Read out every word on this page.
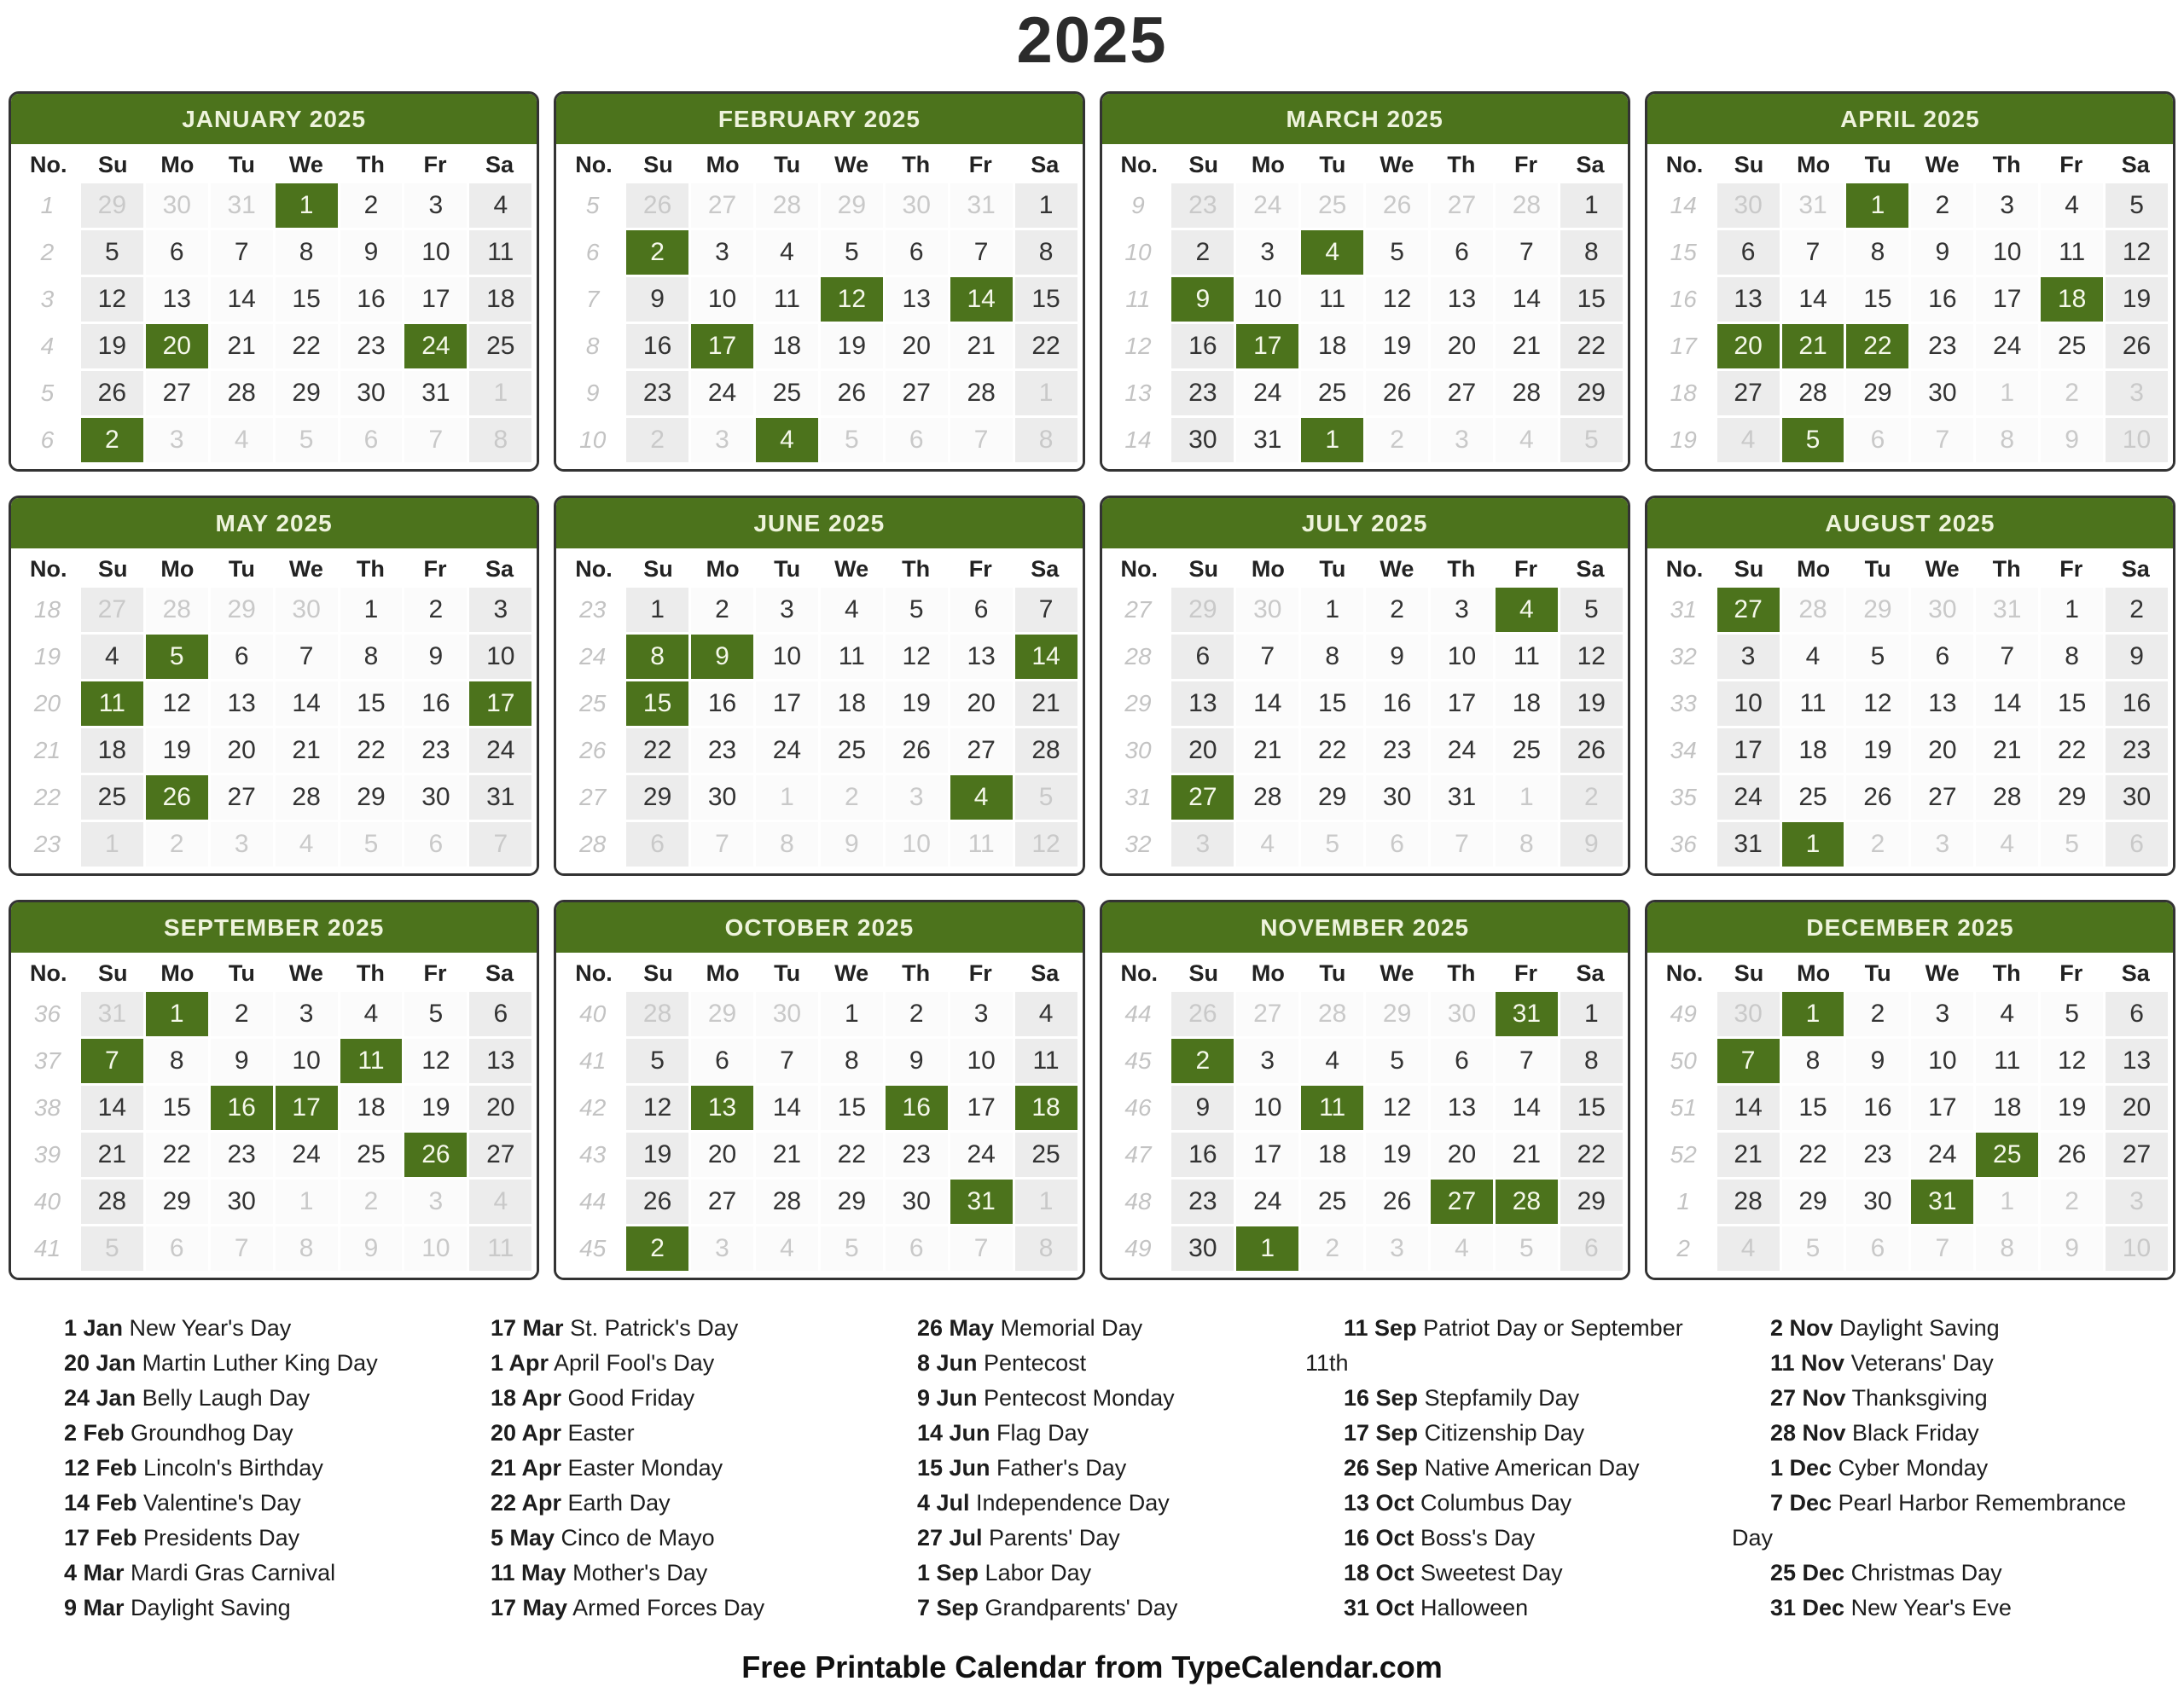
2025
JANUARY 2025
No.	Su	Mo	Tu	We	Th	Fr	Sa
1	29	30	31	1	2	3	4
2	5	6	7	8	9	10	11
3	12	13	14	15	16	17	18
4	19	20	21	22	23	24	25
5	26	27	28	29	30	31	1
6	2	3	4	5	6	7	8
FEBRUARY 2025
No.	Su	Mo	Tu	We	Th	Fr	Sa
5	26	27	28	29	30	31	1
6	2	3	4	5	6	7	8
7	9	10	11	12	13	14	15
8	16	17	18	19	20	21	22
9	23	24	25	26	27	28	1
10	2	3	4	5	6	7	8
MARCH 2025
No.	Su	Mo	Tu	We	Th	Fr	Sa
9	23	24	25	26	27	28	1
10	2	3	4	5	6	7	8
11	9	10	11	12	13	14	15
12	16	17	18	19	20	21	22
13	23	24	25	26	27	28	29
14	30	31	1	2	3	4	5
APRIL 2025
No.	Su	Mo	Tu	We	Th	Fr	Sa
14	30	31	1	2	3	4	5
15	6	7	8	9	10	11	12
16	13	14	15	16	17	18	19
17	20	21	22	23	24	25	26
18	27	28	29	30	1	2	3
19	4	5	6	7	8	9	10
MAY 2025
No.	Su	Mo	Tu	We	Th	Fr	Sa
18	27	28	29	30	1	2	3
19	4	5	6	7	8	9	10
20	11	12	13	14	15	16	17
21	18	19	20	21	22	23	24
22	25	26	27	28	29	30	31
23	1	2	3	4	5	6	7
JUNE 2025
No.	Su	Mo	Tu	We	Th	Fr	Sa
23	1	2	3	4	5	6	7
24	8	9	10	11	12	13	14
25	15	16	17	18	19	20	21
26	22	23	24	25	26	27	28
27	29	30	1	2	3	4	5
28	6	7	8	9	10	11	12
JULY 2025
No.	Su	Mo	Tu	We	Th	Fr	Sa
27	29	30	1	2	3	4	5
28	6	7	8	9	10	11	12
29	13	14	15	16	17	18	19
30	20	21	22	23	24	25	26
31	27	28	29	30	31	1	2
32	3	4	5	6	7	8	9
AUGUST 2025
No.	Su	Mo	Tu	We	Th	Fr	Sa
31	27	28	29	30	31	1	2
32	3	4	5	6	7	8	9
33	10	11	12	13	14	15	16
34	17	18	19	20	21	22	23
35	24	25	26	27	28	29	30
36	31	1	2	3	4	5	6
SEPTEMBER 2025
No.	Su	Mo	Tu	We	Th	Fr	Sa
36	31	1	2	3	4	5	6
37	7	8	9	10	11	12	13
38	14	15	16	17	18	19	20
39	21	22	23	24	25	26	27
40	28	29	30	1	2	3	4
41	5	6	7	8	9	10	11
OCTOBER 2025
No.	Su	Mo	Tu	We	Th	Fr	Sa
40	28	29	30	1	2	3	4
41	5	6	7	8	9	10	11
42	12	13	14	15	16	17	18
43	19	20	21	22	23	24	25
44	26	27	28	29	30	31	1
45	2	3	4	5	6	7	8
NOVEMBER 2025
No.	Su	Mo	Tu	We	Th	Fr	Sa
44	26	27	28	29	30	31	1
45	2	3	4	5	6	7	8
46	9	10	11	12	13	14	15
47	16	17	18	19	20	21	22
48	23	24	25	26	27	28	29
49	30	1	2	3	4	5	6
DECEMBER 2025
No.	Su	Mo	Tu	We	Th	Fr	Sa
49	30	1	2	3	4	5	6
50	7	8	9	10	11	12	13
51	14	15	16	17	18	19	20
52	21	22	23	24	25	26	27
1	28	29	30	31	1	2	3
2	4	5	6	7	8	9	10

1 Jan New Year's Day

20 Jan Martin Luther King Day

24 Jan Belly Laugh Day

2 Feb Groundhog Day

12 Feb Lincoln's Birthday

14 Feb Valentine's Day

17 Feb Presidents Day

4 Mar Mardi Gras Carnival

9 Mar Daylight Saving

17 Mar St. Patrick's Day

1 Apr April Fool's Day

18 Apr Good Friday

20 Apr Easter

21 Apr Easter Monday

22 Apr Earth Day

5 May Cinco de Mayo

11 May Mother's Day

17 May Armed Forces Day

26 May Memorial Day

8 Jun Pentecost

9 Jun Pentecost Monday

14 Jun Flag Day

15 Jun Father's Day

4 Jul Independence Day

27 Jul Parents' Day

1 Sep Labor Day

7 Sep Grandparents' Day

11 Sep Patriot Day or September 11th

16 Sep Stepfamily Day

17 Sep Citizenship Day

26 Sep Native American Day

13 Oct Columbus Day

16 Oct Boss's Day

18 Oct Sweetest Day

31 Oct Halloween

2 Nov Daylight Saving

11 Nov Veterans' Day

27 Nov Thanksgiving

28 Nov Black Friday

1 Dec Cyber Monday

7 Dec Pearl Harbor Remembrance Day

25 Dec Christmas Day

31 Dec New Year's Eve

Free Printable Calendar from TypeCalendar.com
